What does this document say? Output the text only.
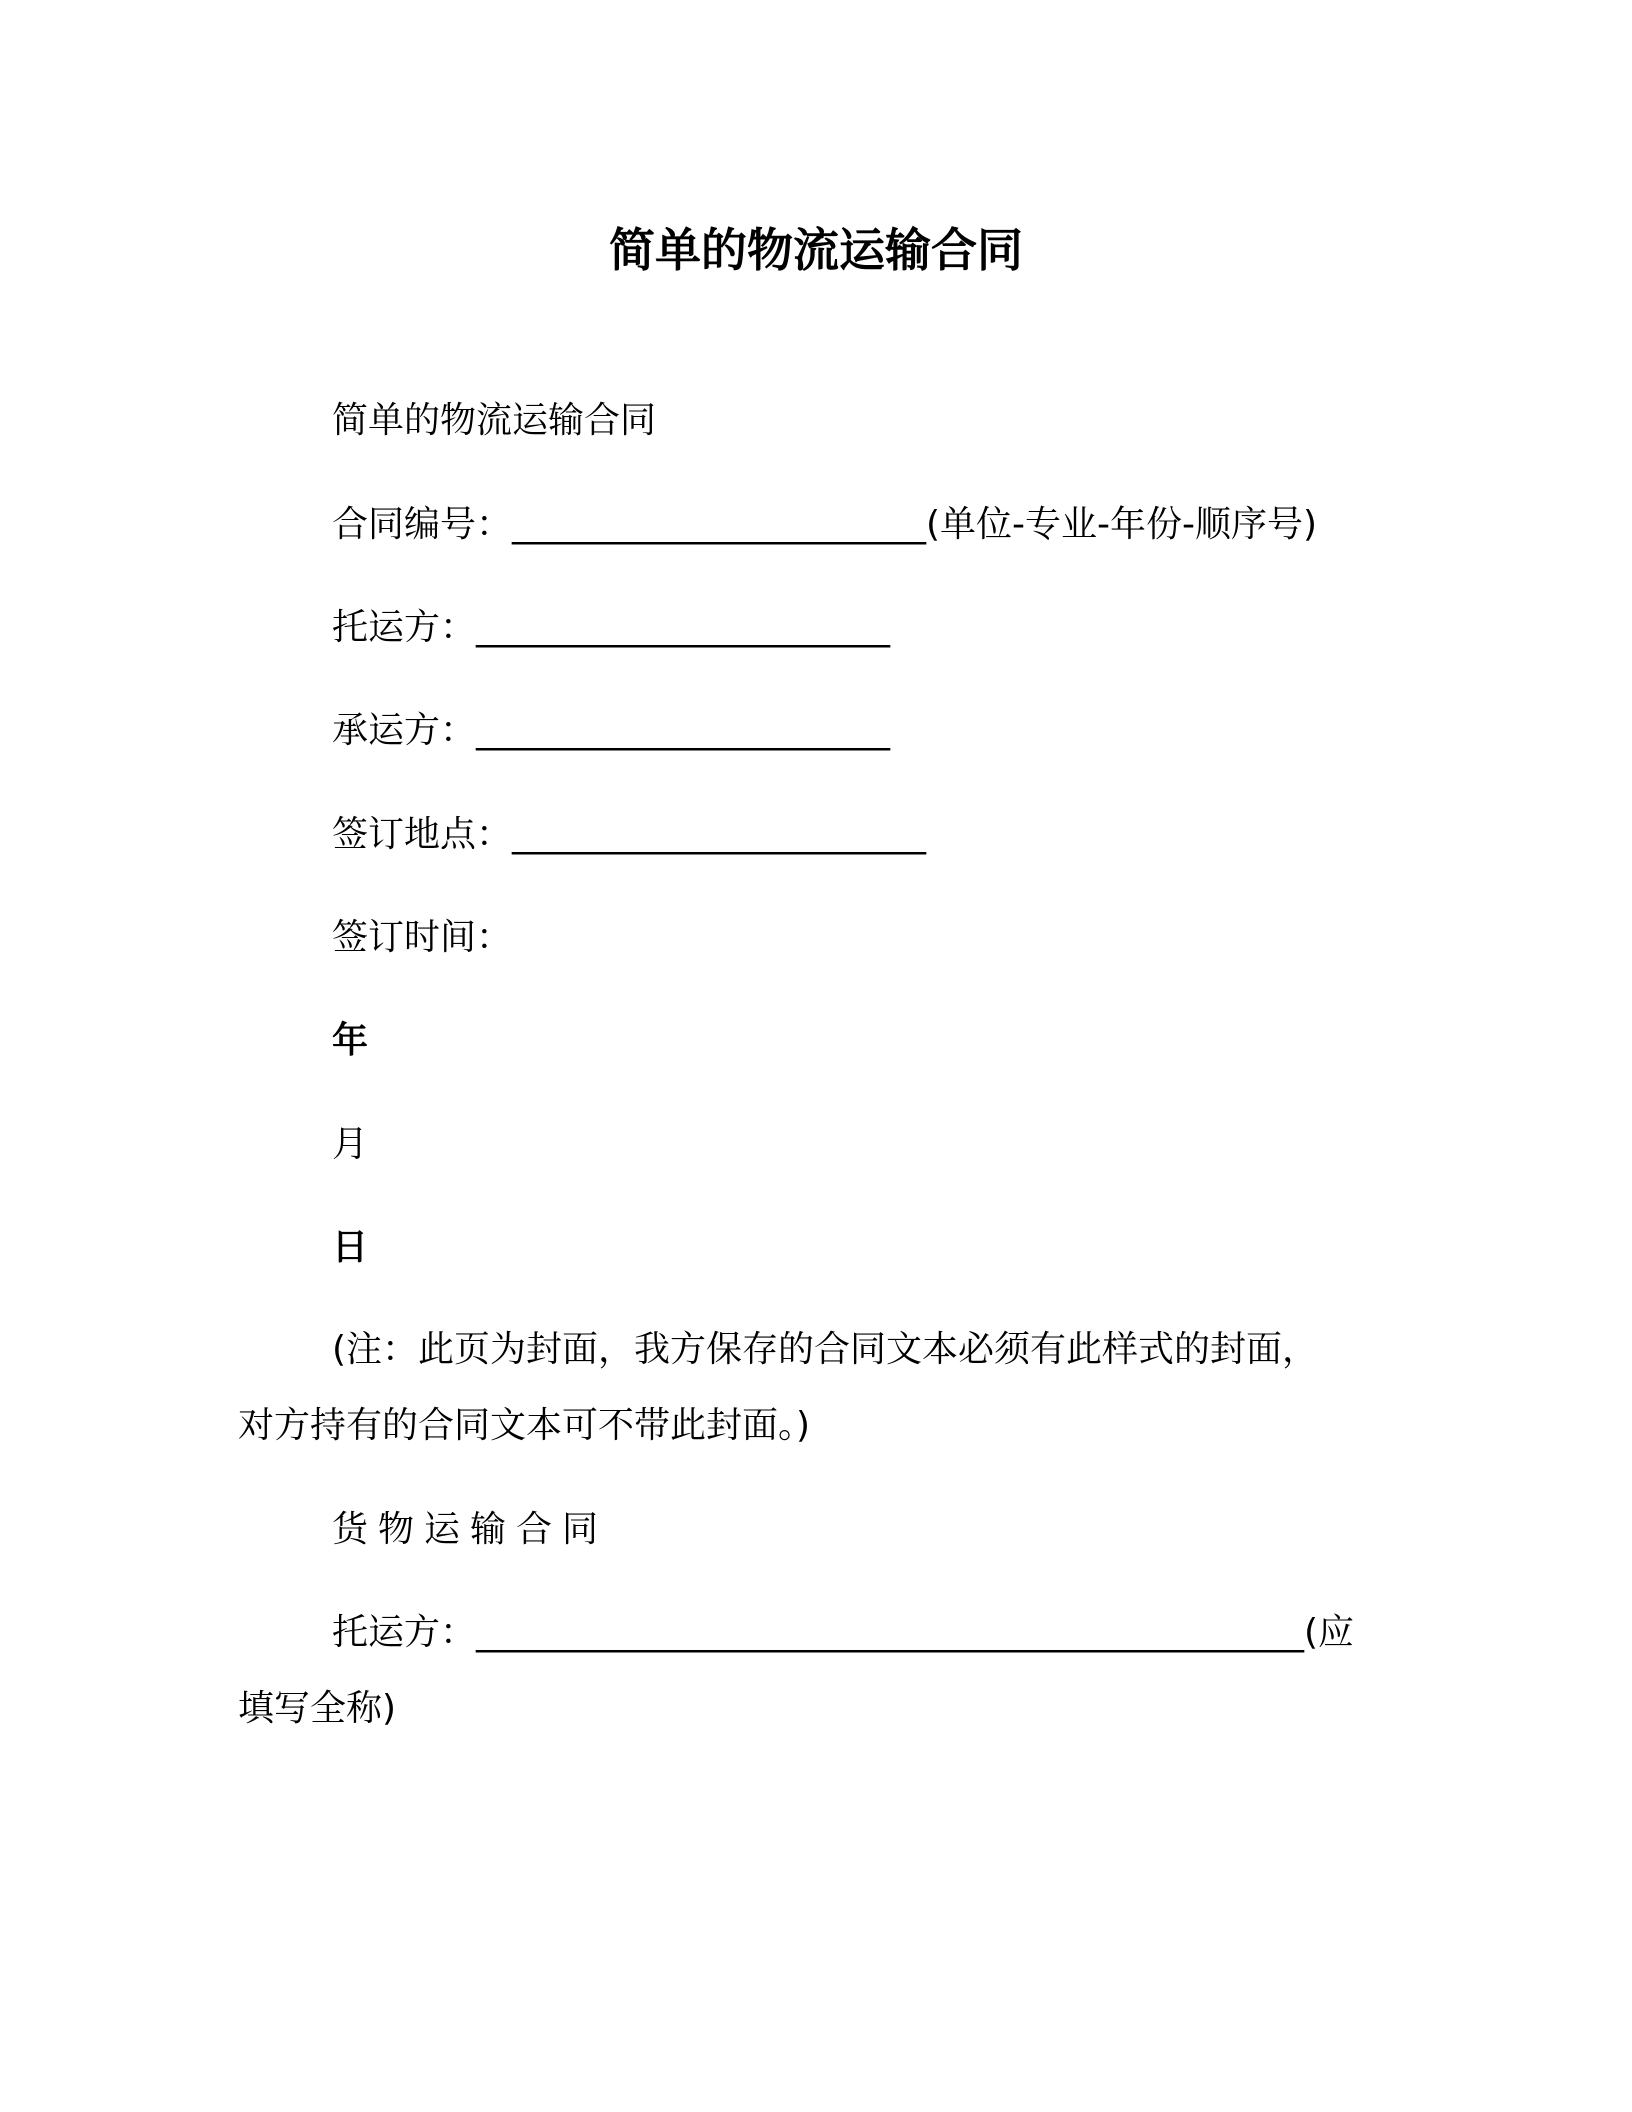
简单的物流运输合同
简单的物流运输合同
合同编号：_______________________(单位-专业-年份-顺序号)
托运方：_______________________
承运方：_______________________
签订地点：_______________________
签订时间：
年
月
日
(注：此页为封面，我方保存的合同文本必须有此样式的封面，
对方持有的合同文本可不带此封面。)
货物运输合同
托运方：______________________________________________(应
填写全称)
